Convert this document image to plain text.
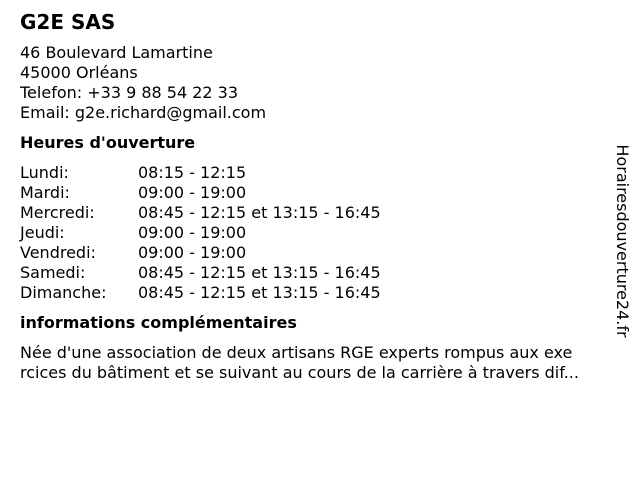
G2E SAS
46 Boulevard Lamartine
45000 Orléans
Telefon: +33 9 88 54 22 33
Email: g2e.richard@gmail.com
Heures d'ouverture
Lundi:	08:15 - 12:15
Mardi:	09:00 - 19:00
Mercredi:	08:45 - 12:15 et 13:15 - 16:45
Jeudi:	09:00 - 19:00
Vendredi:	09:00 - 19:00
Samedi:	08:45 - 12:15 et 13:15 - 16:45
Dimanche:	08:45 - 12:15 et 13:15 - 16:45
informations complémentaires
Née d'une association de deux artisans RGE experts rompus aux exe
rcices du bâtiment et se suivant au cours de la carrière à travers dif...
Horairesdouverture24.fr
